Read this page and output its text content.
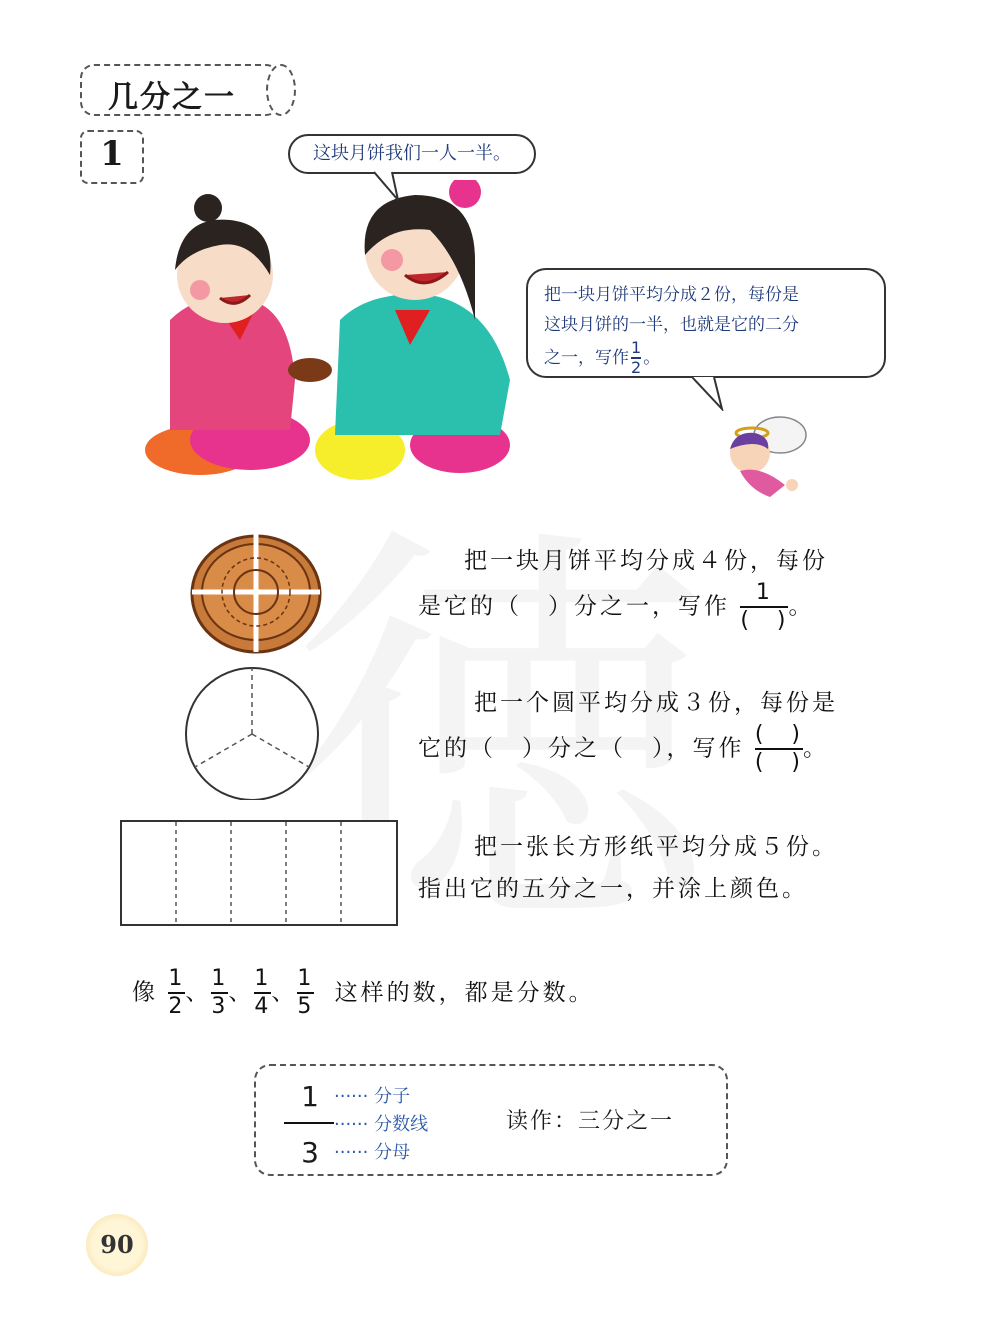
几分之一
1	这块月饼我们一人一半。
把一块月饼平均分成２份，每份是
这块月饼的一半，也就是它的二分
之一，写作 $\frac{1}{2}$ 。
把一块月饼平均分成４份，每份
是它的（　）分之一，写作 $\frac{1}{( )}$ 。
把一个圆平均分成３份，每份是
它的（　）分之（　），写作 $\frac{( )}{( )}$ 。
把一张长方形纸平均分成５份。
指出它的五分之一，并涂上颜色。
像 $\frac{1}{2}$ 、 $\frac{1}{3}$ 、 $\frac{1}{4}$ 、 $\frac{1}{5}$ 这样的数，都是分数。
1
3
······ 分子
······ 分数线
······ 分母
读作：三分之一
90
